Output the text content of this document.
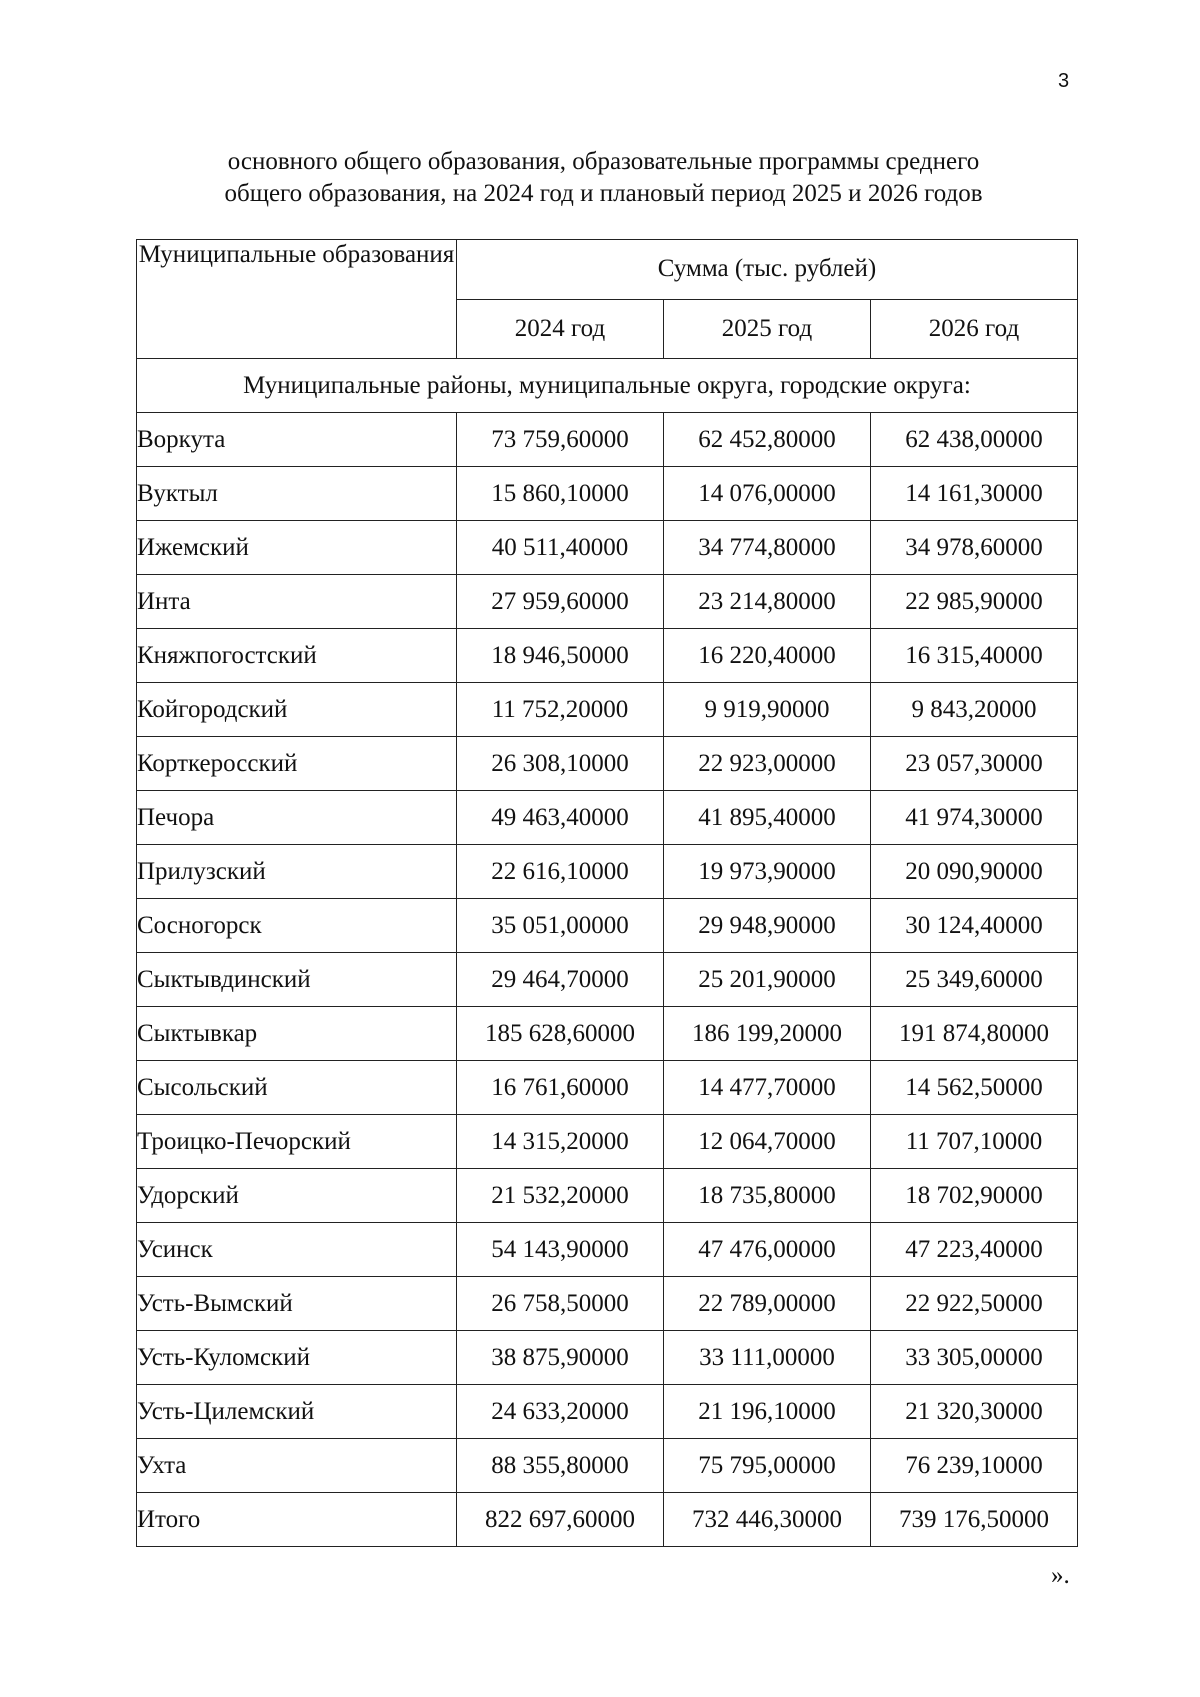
3
основного общего образования, образовательные программы среднего
общего образования, на 2024 год и плановый период 2025 и 2026 годов
Муниципальные образования	Сумма (тыс. рублей)		
	2024 год	2025 год	2026 год
Муниципальные районы, муниципальные округа, городские округа:			
Воркута	73 759,60000	62 452,80000	62 438,00000
Вуктыл	15 860,10000	14 076,00000	14 161,30000
Ижемский	40 511,40000	34 774,80000	34 978,60000
Инта	27 959,60000	23 214,80000	22 985,90000
Княжпогостский	18 946,50000	16 220,40000	16 315,40000
Койгородский	11 752,20000	9 919,90000	9 843,20000
Корткеросский	26 308,10000	22 923,00000	23 057,30000
Печора	49 463,40000	41 895,40000	41 974,30000
Прилузский	22 616,10000	19 973,90000	20 090,90000
Сосногорск	35 051,00000	29 948,90000	30 124,40000
Сыктывдинский	29 464,70000	25 201,90000	25 349,60000
Сыктывкар	185 628,60000	186 199,20000	191 874,80000
Сысольский	16 761,60000	14 477,70000	14 562,50000
Троицко-Печорский	14 315,20000	12 064,70000	11 707,10000
Удорский	21 532,20000	18 735,80000	18 702,90000
Усинск	54 143,90000	47 476,00000	47 223,40000
Усть-Вымский	26 758,50000	22 789,00000	22 922,50000
Усть-Куломский	38 875,90000	33 111,00000	33 305,00000
Усть-Цилемский	24 633,20000	21 196,10000	21 320,30000
Ухта	88 355,80000	75 795,00000	76 239,10000
Итого	822 697,60000	732 446,30000	739 176,50000
».
